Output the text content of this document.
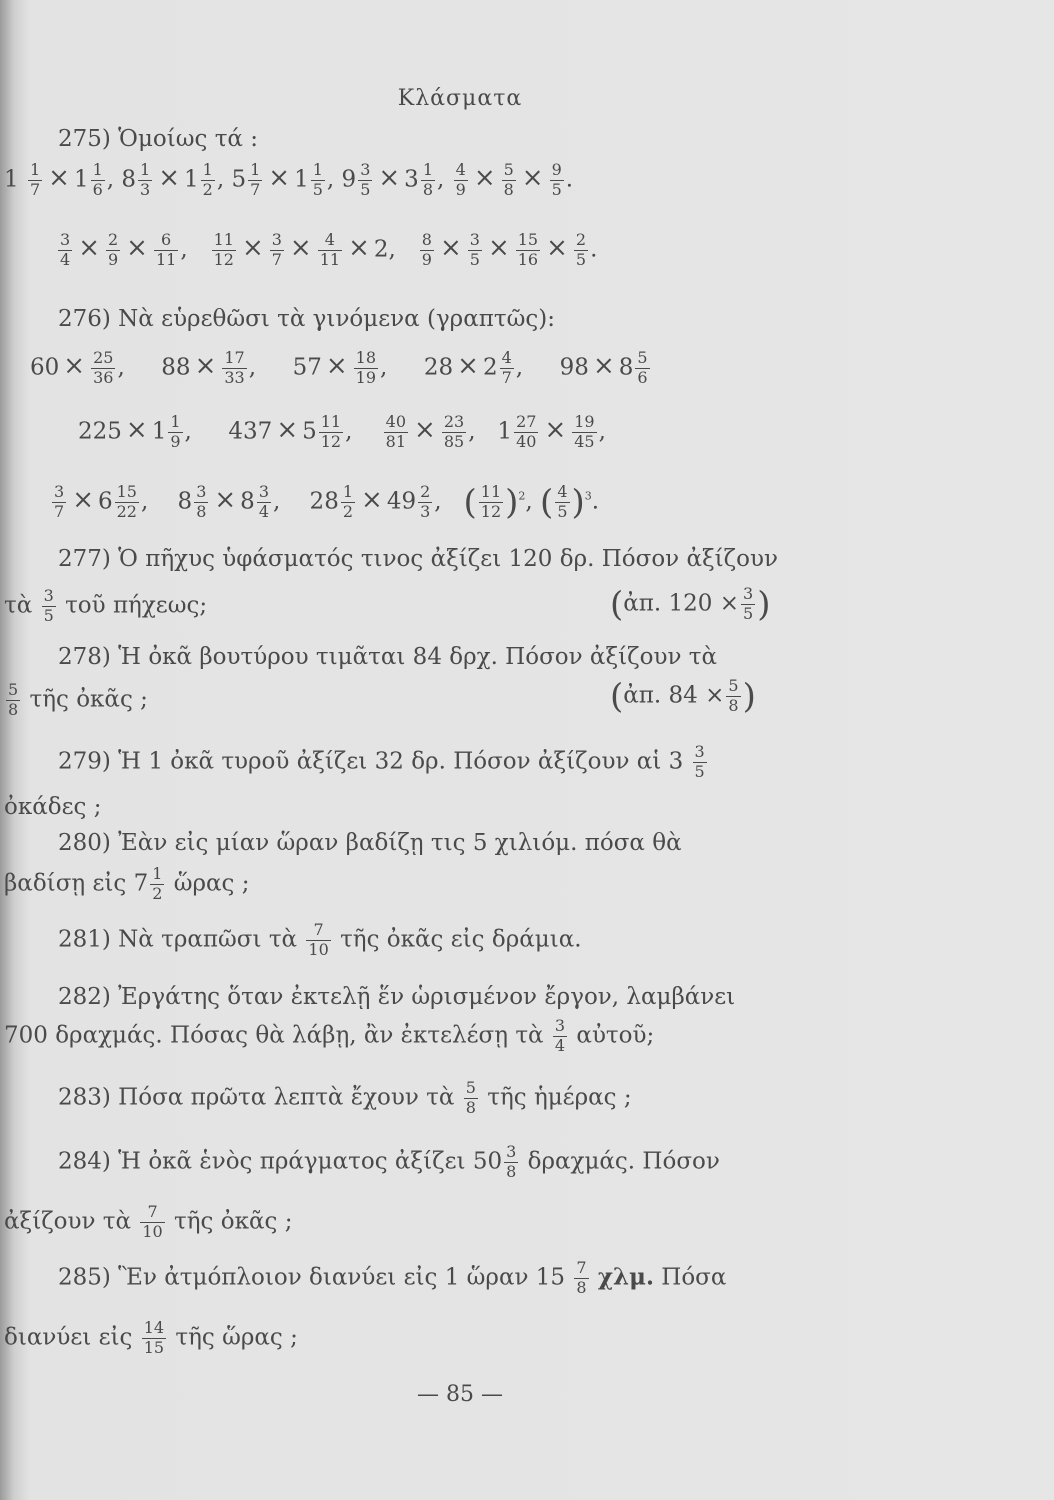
Κλάσματα
275) Ὁμοίως τά :
$1 \frac{1}{7} \times 1 \frac{1}{6}$ , $8 \frac{1}{3} \times 1 \frac{1}{2}$ , $5 \frac{1}{7} \times 1 \frac{1}{5}$ , $9 \frac{3}{5} \times 3 \frac{1}{8}$ , $\frac{4}{9} \times \frac{5}{8} \times \frac{9}{5}$ .
$\frac{3}{4} \times \frac{2}{9} \times \frac{6}{11}$ , $\frac{11}{12} \times \frac{3}{7} \times \frac{4}{11} \times 2$, $\frac{8}{9} \times \frac{3}{5} \times \frac{15}{16} \times \frac{2}{5}$ .
276) Νὰ εὑρεθῶσι τὰ γινόμενα (γραπτῶς):
$60 \times \frac{25}{36}$ ,     $88 \times \frac{17}{33}$ ,     $57 \times \frac{18}{19}$ ,     $28 \times 2 \frac{4}{7}$ ,     $98 \times 8 \frac{5}{6}$
$225 \times 1 \frac{1}{9}$ ,     $437 \times 5 \frac{11}{12}$ , $\frac{40}{81} \times \frac{23}{85}$ ,   $1 \frac{27}{40} \times \frac{19}{45}$ ,
$\frac{3}{7} \times 6 \frac{15}{22}$ ,    $8 \frac{3}{8} \times 8 \frac{3}{4}$ ,    $28 \frac{1}{2} \times 49 \frac{2}{3}$ ,   ( $\frac{11}{12} )^2$, ( $\frac{4}{5} )^3$.
277) Ὁ πῆχυς ὑφάσματός τινος ἀξίζει 120 δρ. Πόσον ἀξίζουν
τὰ $\frac{3}{5}$ τοῦ πήχεως;	(ἀπ. $120 \times \frac{3}{5}$ )
278) Ἡ ὀκᾶ βουτύρου τιμᾶται 84 δρχ. Πόσον ἀξίζουν τὰ
$\frac{5}{8}$ τῆς ὀκᾶς ;	(ἀπ. $84 \times \frac{5}{8}$ )
279) Ἡ 1 ὀκᾶ τυροῦ ἀξίζει 32 δρ. Πόσον ἀξίζουν αἱ $3 \frac{3}{5}$
ὀκάδες ;
280) Ἐὰν εἰς μίαν ὥραν βαδίζῃ τις 5 χιλιόμ. πόσα θὰ
βαδίσῃ εἰς $7 \frac{1}{2}$ ὥρας ;
281) Νὰ τραπῶσι τὰ $\frac{7}{10}$ τῆς ὀκᾶς εἰς δράμια.
282) Ἐργάτης ὅταν ἐκτελῇ ἕν ὡρισμένον ἔργον, λαμβάνει
700 δραχμάς. Πόσας θὰ λάβῃ, ἂν ἐκτελέσῃ τὰ $\frac{3}{4}$ αὐτοῦ;
283) Πόσα πρῶτα λεπτὰ ἔχουν τὰ $\frac{5}{8}$ τῆς ἡμέρας ;
284) Ἡ ὀκᾶ ἑνὸς πράγματος ἀξίζει $50 \frac{3}{8} \delta\rho\alpha\chi\mu ά\varsigma$. Πόσον
ἀξίζουν τὰ $\frac{7}{10}$ τῆς ὀκᾶς ;
285) Ἓν ἀτμόπλοιον διανύει εἰς 1 ὥραν $15 \frac{7}{8} \chi\lambda\mu$. Πόσα
διανύει εἰς $\frac{14}{15}$ τῆς ὥρας ;
— 85 —
